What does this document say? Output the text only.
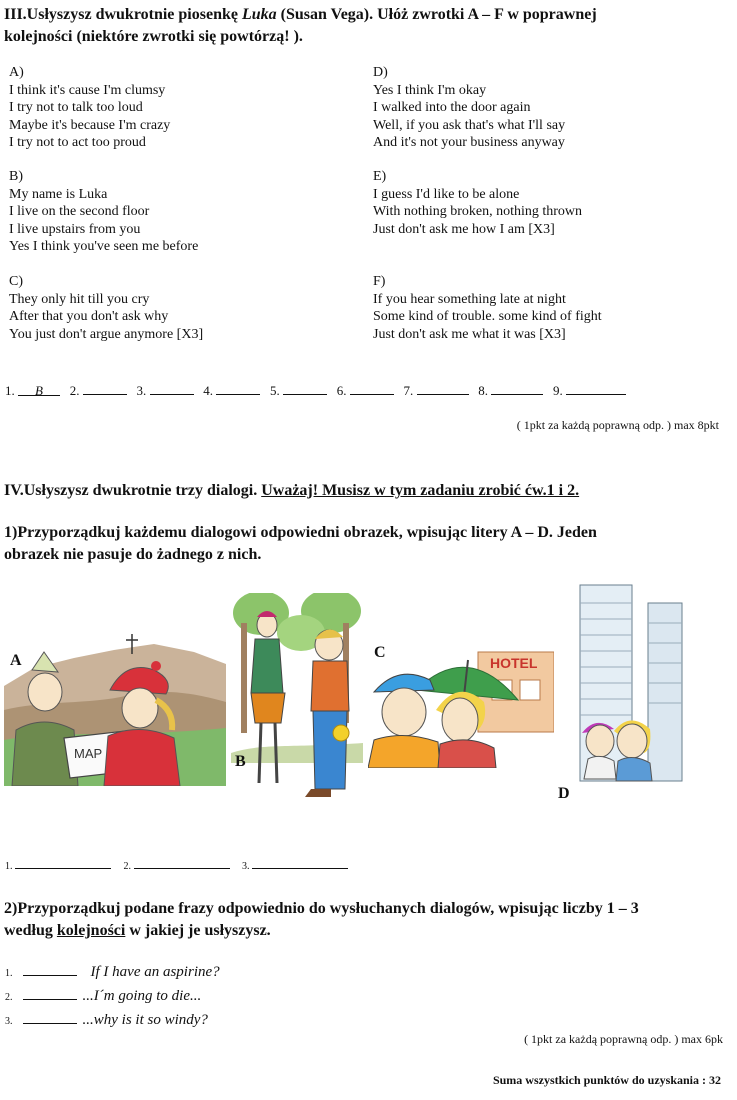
III.Usłyszysz dwukrotnie piosenkę Luka (Susan Vega). Ułóż zwrotki A – F w poprawnej
kolejności (niektóre zwrotki się powtórzą! ).
A)
I think it's cause I'm clumsy
I try not to talk too loud
Maybe it's because I'm crazy
I try not to act too proud
B)
My name is Luka
I live on the second floor
I live upstairs from you
Yes I think you've seen me before
C)
They only hit till you cry
After that you don't ask why
You just don't argue anymore [X3]
D)
Yes I think I'm okay
I walked into the door again
Well, if you ask that's what I'll say
And it's not your business anyway
E)
I guess I'd like to be alone
With nothing broken, nothing thrown
Just don't ask me how I am [X3]
F)
If you hear something late at night
Some kind of trouble. some kind of fight
Just don't ask me what it was [X3]
1. B 2.	3.	4.	5.	6.	7.	8.	9.
( 1pkt za każdą poprawną odp. ) max 8pkt
IV.Usłyszysz dwukrotnie trzy dialogi. Uważaj! Musisz w tym zadaniu zrobić ćw.1 i 2.
1)Przyporządkuj każdemu dialogowi odpowiedni obrazek, wpisując litery A – D. Jeden
obrazek nie pasuje do żadnego z nich.
MAP
A
B
HOTEL
C
D
1.	2.	3.
2)Przyporządkuj podane frazy odpowiednio do wysłuchanych dialogów, wpisując liczby 1 – 3
według kolejności w jakiej je usłyszysz.
1.	If I have an aspirine?
2.	...I´m going to die...
3.	...why is it so windy?
( 1pkt za każdą poprawną odp. ) max 6pk
Suma wszystkich punktów do uzyskania : 32
